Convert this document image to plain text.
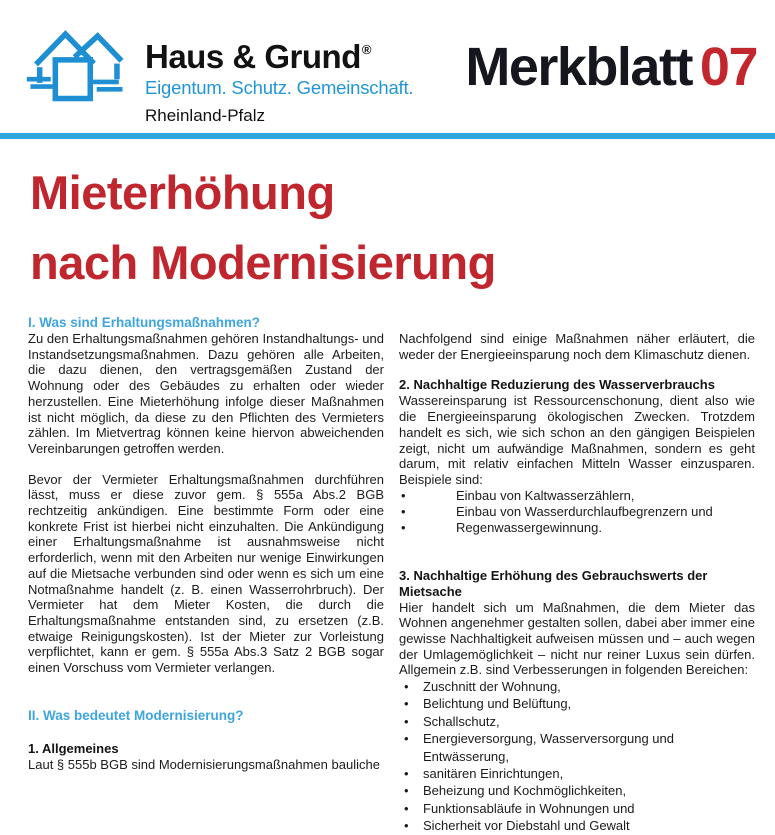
Haus & Grund®
Eigentum. Schutz. Gemeinschaft.
Rheinland-Pfalz
Merkblatt 07
Mieterhöhung
nach Modernisierung
I. Was sind Erhaltungsmaßnahmen?

Zu den Erhaltungsmaßnahmen gehören Instandhaltungs- und Instandsetzungsmaßnahmen. Dazu gehören alle Arbeiten, die dazu dienen, den vertragsgemäßen Zustand der Wohnung oder des Gebäudes zu erhalten oder wieder herzustellen. Eine Mieterhöhung infolge dieser Maßnahmen ist nicht möglich, da diese zu den Pflichten des Vermieters zählen. Im Mietvertrag können keine hiervon abweichenden Vereinbarungen getroffen werden.

Bevor der Vermieter Erhaltungsmaßnahmen durchführen lässt, muss er diese zuvor gem. § 555a Abs.2 BGB rechtzeitig ankündigen. Eine bestimmte Form oder eine konkrete Frist ist hierbei nicht einzuhalten. Die Ankündigung einer Erhaltungsmaßnahme ist ausnahmsweise nicht erforderlich, wenn mit den Arbeiten nur wenige Einwirkungen auf die Mietsache verbunden sind oder wenn es sich um eine Notmaßnahme handelt (z. B. einen Wasserrohrbruch). Der Vermieter hat dem Mieter Kosten, die durch die Erhaltungsmaßnahme entstanden sind, zu ersetzen (z.B. etwaige Reinigungskosten). Ist der Mieter zur Vorleistung verpflichtet, kann er gem. § 555a Abs.3 Satz 2 BGB sogar einen Vorschuss vom Vermieter verlangen.

II. Was bedeutet Modernisierung?
1. Allgemeines

Laut § 555b BGB sind Modernisierungsmaßnahmen bauliche

Nachfolgend sind einige Maßnahmen näher erläutert, die weder der Energieeinsparung noch dem Klimaschutz dienen.

2. Nachhaltige Reduzierung des Wasserverbrauchs

Wassereinsparung ist Ressourcenschonung, dient also wie die Energieeinsparung ökologischen Zwecken. Trotzdem handelt es sich, wie sich schon an den gängigen Beispielen zeigt, nicht um aufwändige Maßnahmen, sondern es geht darum, mit relativ einfachen Mitteln Wasser einzusparen. Beispiele sind:

• Einbau von Kaltwasserzählern,
• Einbau von Wasserdurchlaufbegrenzern und
• Regenwassergewinnung.
3. Nachhaltige Erhöhung des Gebrauchswerts der Mietsache

Hier handelt sich um Maßnahmen, die dem Mieter das Wohnen angenehmer gestalten sollen, dabei aber immer eine gewisse Nachhaltigkeit aufweisen müssen und – auch wegen der Umlagemöglichkeit – nicht nur reiner Luxus sein dürfen. Allgemein z.B. sind Verbesserungen in folgenden Bereichen:

• Zuschnitt der Wohnung,
• Belichtung und Belüftung,
• Schallschutz,
• Energieversorgung, Wasserversorgung und Entwässerung,
• sanitären Einrichtungen,
• Beheizung und Kochmöglichkeiten,
• Funktionsabläufe in Wohnungen und
• Sicherheit vor Diebstahl und Gewalt
